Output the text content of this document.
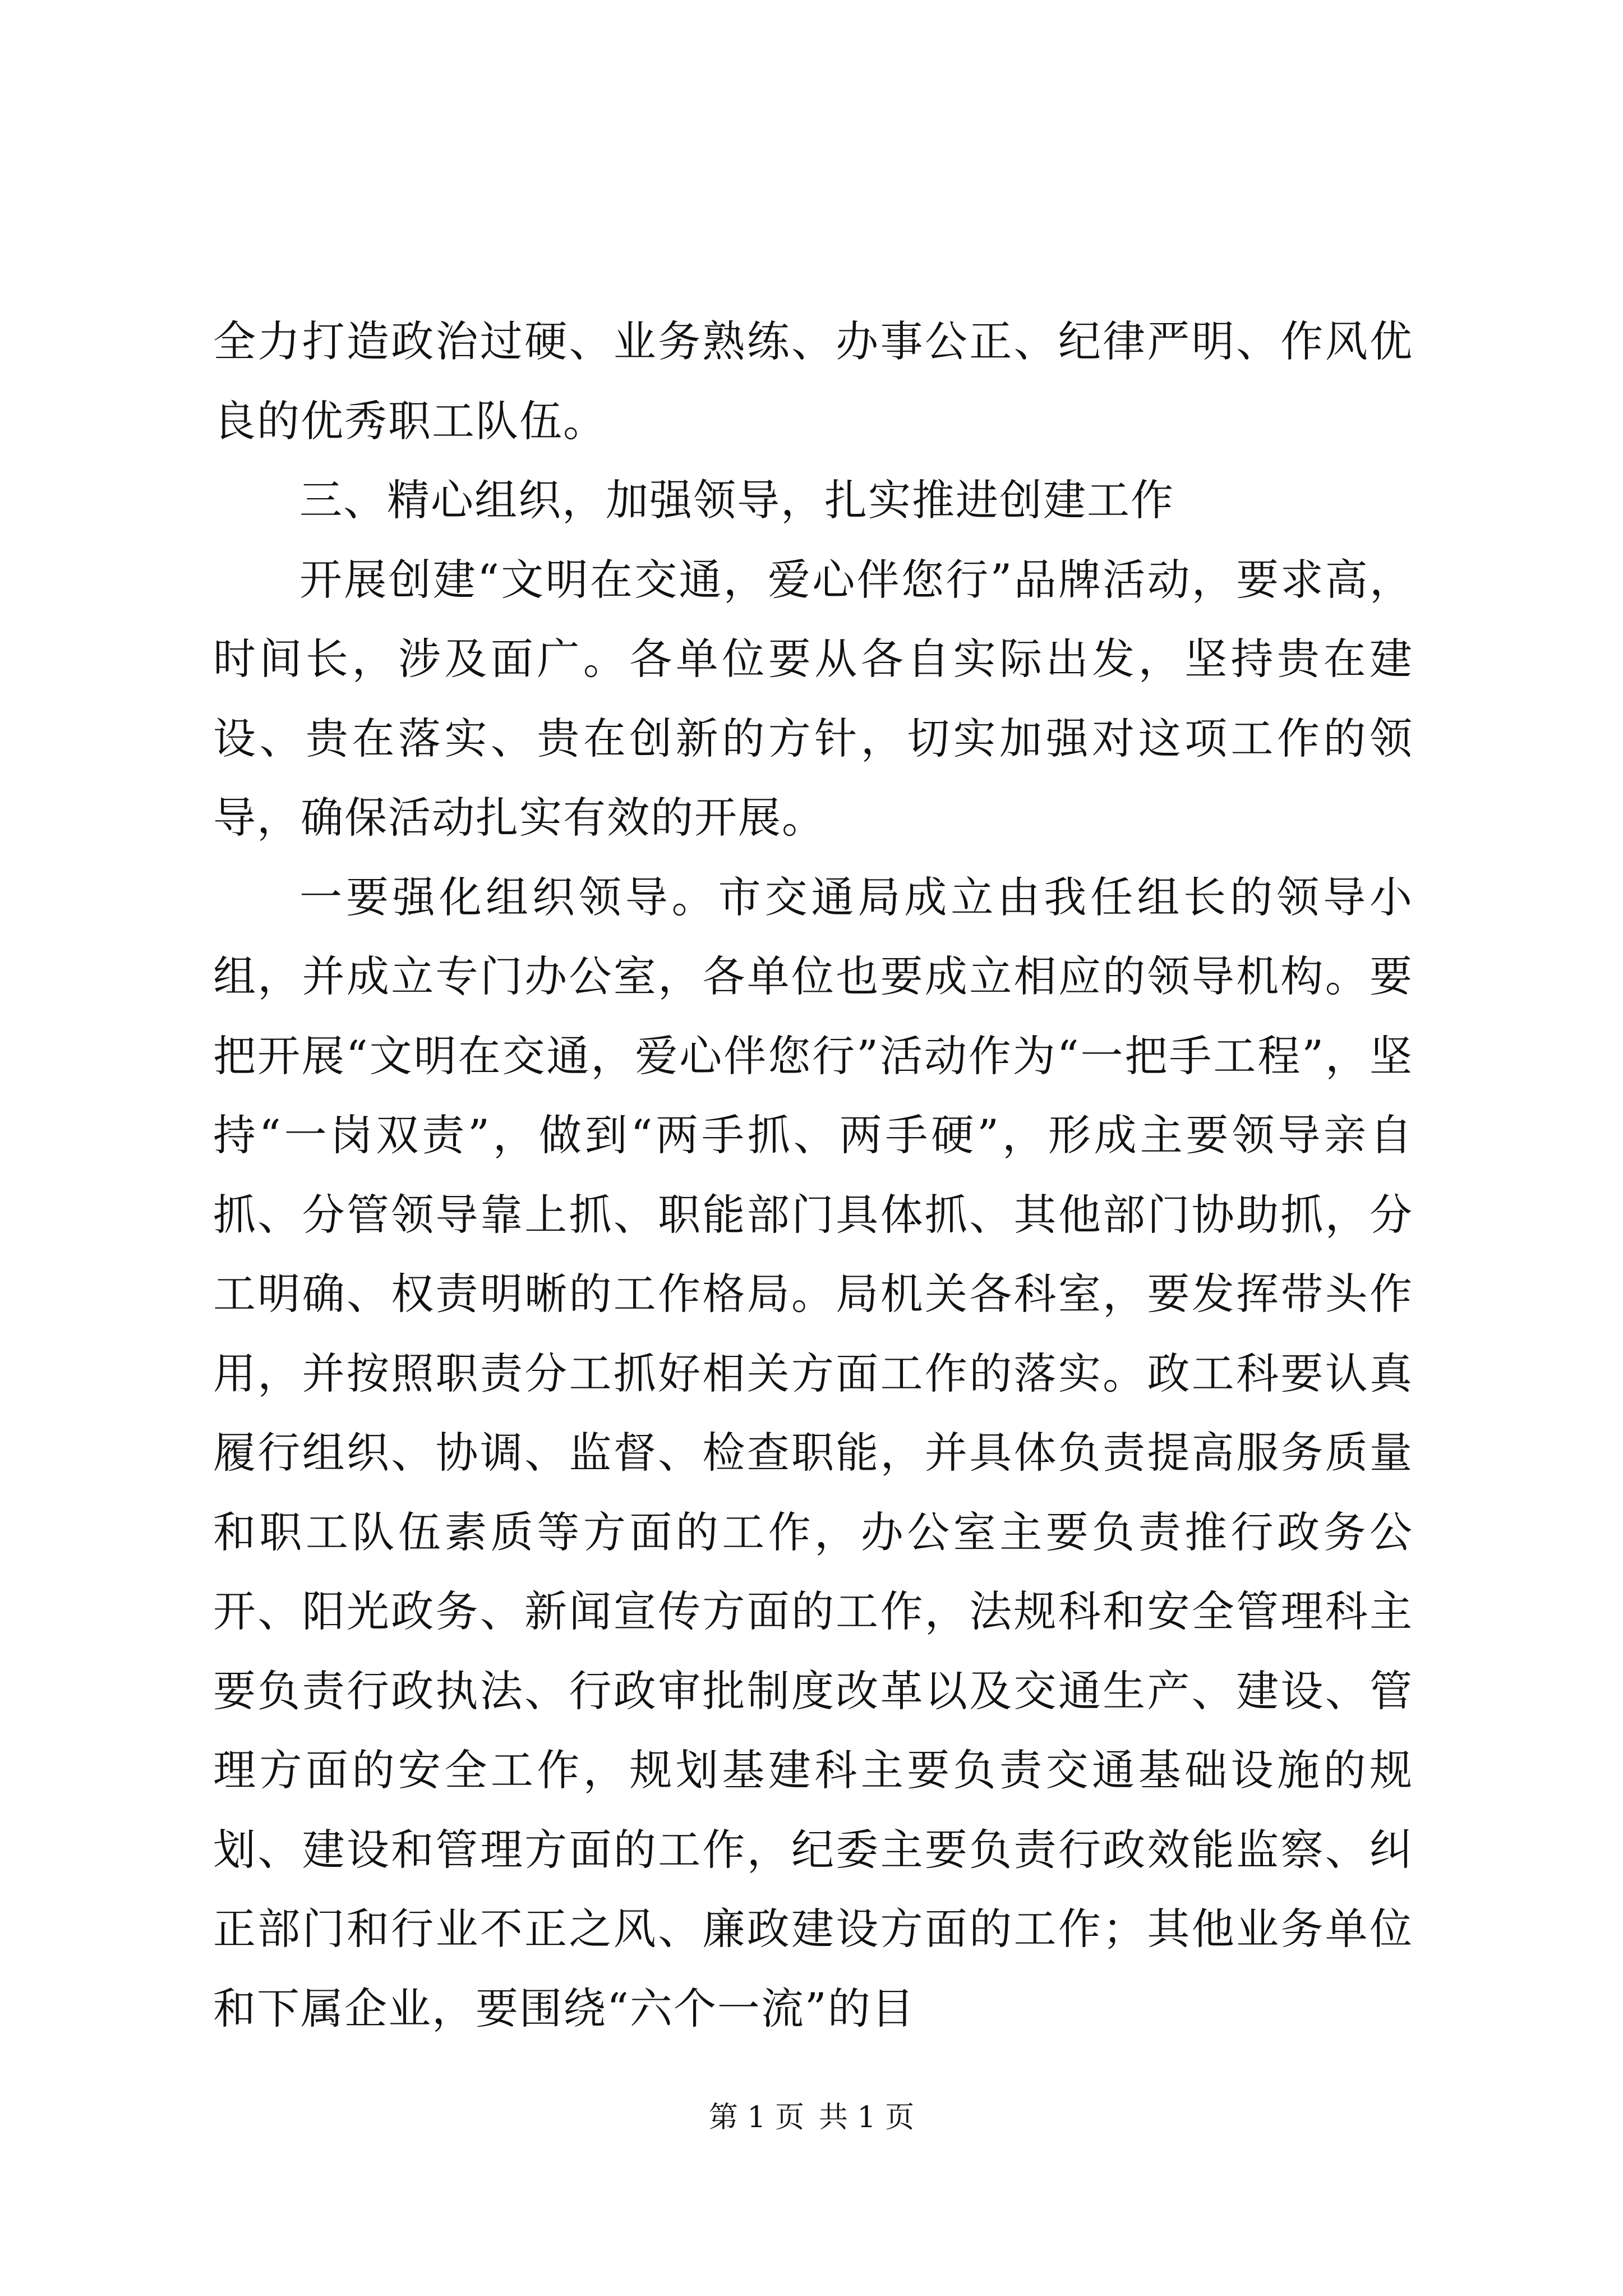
全力打造政治过硬、业务熟练、办事公正、纪律严明、作风优良的优秀职工队伍。

三、精心组织，加强领导，扎实推进创建工作

开展创建“文明在交通，爱心伴您行”品牌活动，要求高，时间长，涉及面广。各单位要从各自实际出发，坚持贵在建设、贵在落实、贵在创新的方针，切实加强对这项工作的领导，确保活动扎实有效的开展。

一要强化组织领导。市交通局成立由我任组长的领导小组，并成立专门办公室，各单位也要成立相应的领导机构。要把开展“文明在交通，爱心伴您行”活动作为“一把手工程”，坚持“一岗双责”，做到“两手抓、两手硬”，形成主要领导亲自抓、分管领导靠上抓、职能部门具体抓、其他部门协助抓，分工明确、权责明晰的工作格局。局机关各科室，要发挥带头作用，并按照职责分工抓好相关方面工作的落实。政工科要认真履行组织、协调、监督、检查职能，并具体负责提高服务质量和职工队伍素质等方面的工作，办公室主要负责推行政务公开、阳光政务、新闻宣传方面的工作，法规科和安全管理科主要负责行政执法、行政审批制度改革以及交通生产、建设、管理方面的安全工作，规划基建科主要负责交通基础设施的规划、建设和管理方面的工作，纪委主要负责行政效能监察、纠正部门和行业不正之风、廉政建设方面的工作；其他业务单位和下属企业，要围绕“六个一流”的目

第 1 页 共 1 页
